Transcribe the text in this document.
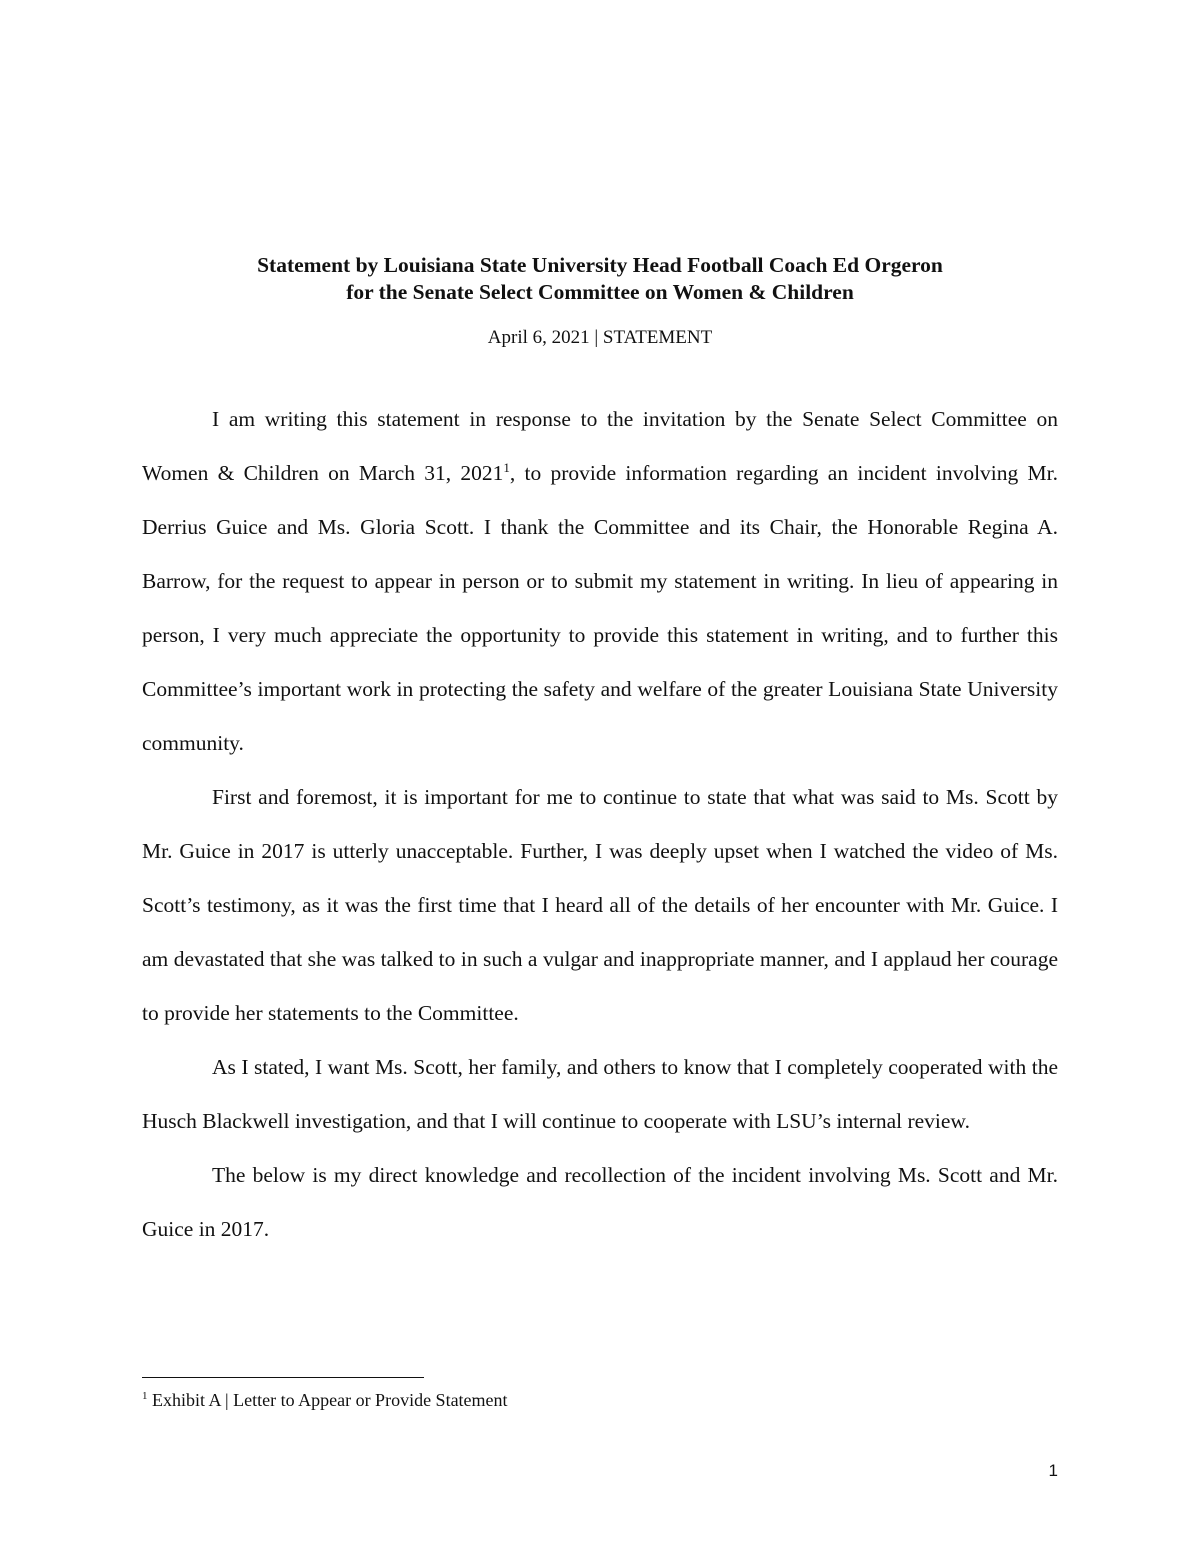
Statement by Louisiana State University Head Football Coach Ed Orgeron
for the Senate Select Committee on Women & Children
April 6, 2021 | STATEMENT

I am writing this statement in response to the invitation by the Senate Select Committee on Women & Children on March 31, 2021$^1$, to provide information regarding an incident involving Mr. Derrius Guice and Ms. Gloria Scott. I thank the Committee and its Chair, the Honorable Regina A. Barrow, for the request to appear in person or to submit my statement in writing. In lieu of appearing in person, I very much appreciate the opportunity to provide this statement in writing, and to further this Committee’s important work in protecting the safety and welfare of the greater Louisiana State University community.

First and foremost, it is important for me to continue to state that what was said to Ms. Scott by Mr. Guice in 2017 is utterly unacceptable. Further, I was deeply upset when I watched the video of Ms. Scott’s testimony, as it was the first time that I heard all of the details of her encounter with Mr. Guice. I am devastated that she was talked to in such a vulgar and inappropriate manner, and I applaud her courage to provide her statements to the Committee.

As I stated, I want Ms. Scott, her family, and others to know that I completely cooperated with the Husch Blackwell investigation, and that I will continue to cooperate with LSU’s internal review.

The below is my direct knowledge and recollection of the incident involving Ms. Scott and Mr. Guice in 2017.

$^1$ Exhibit A | Letter to Appear or Provide Statement
1
